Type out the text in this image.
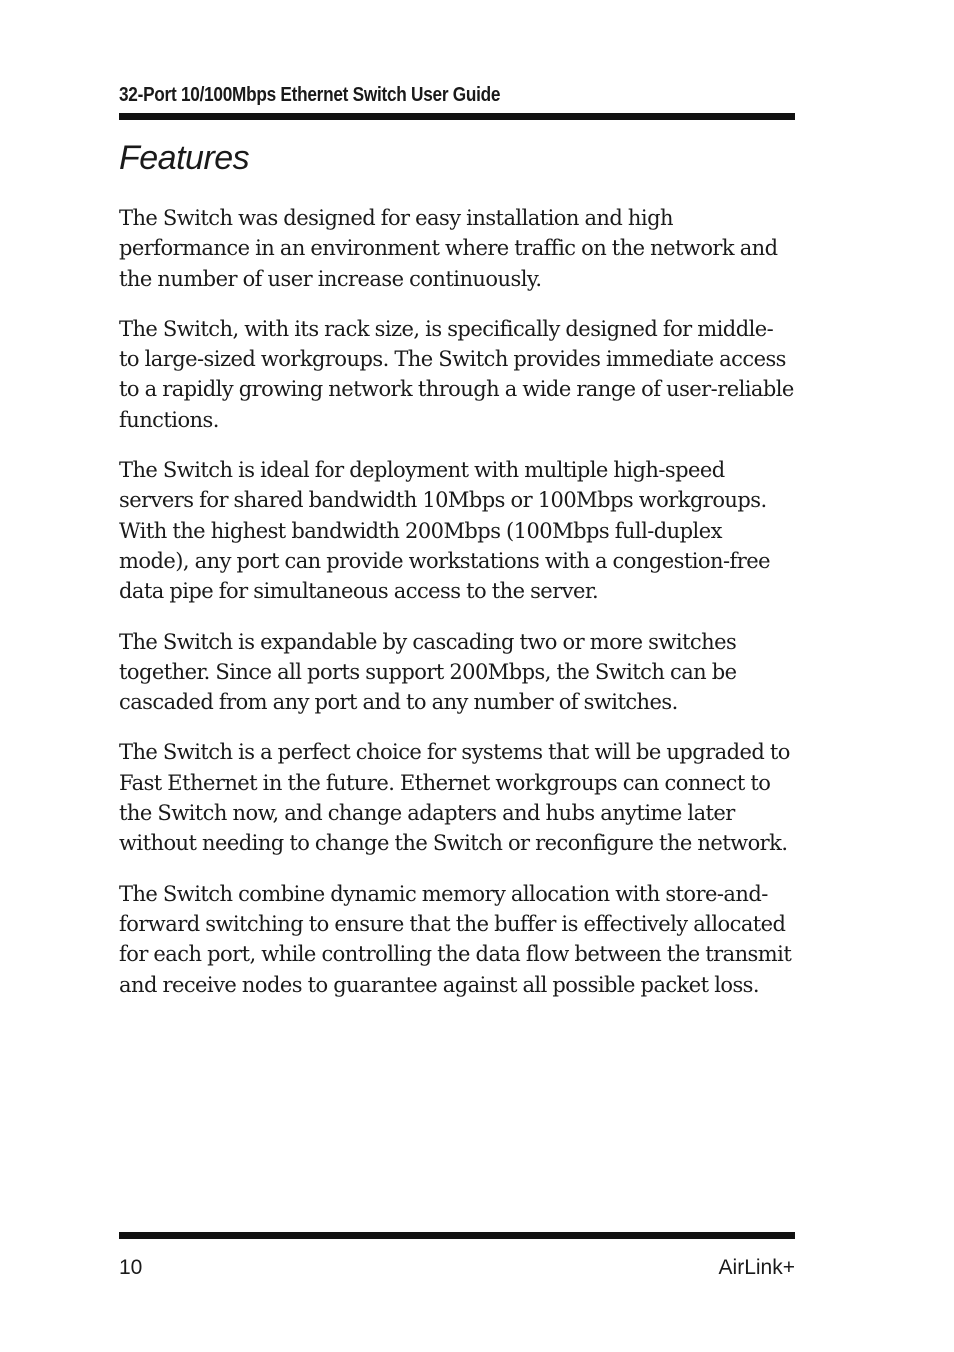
32-Port 10/100Mbps Ethernet Switch User Guide
Features

The Switch was designed for easy installation and high performance in an environment where traffic on the network and the number of user increase continuously.

The Switch, with its rack size, is specifically designed for middle- to large-sized workgroups. The Switch provides immediate access to a rapidly growing network through a wide range of user-reliable functions.

The Switch is ideal for deployment with multiple high-speed servers for shared bandwidth 10Mbps or 100Mbps workgroups. With the highest bandwidth 200Mbps (100Mbps full-duplex mode), any port can provide workstations with a congestion-free data pipe for simultaneous access to the server.

The Switch is expandable by cascading two or more switches together. Since all ports support 200Mbps, the Switch can be cascaded from any port and to any number of switches.

The Switch is a perfect choice for systems that will be upgraded to Fast Ethernet in the future. Ethernet workgroups can connect to the Switch now, and change adapters and hubs anytime later without needing to change the Switch or reconfigure the network.

The Switch combine dynamic memory allocation with store-and-forward switching to ensure that the buffer is effectively allocated for each port, while controlling the data flow between the transmit and receive nodes to guarantee against all possible packet loss.

10	AirLink+
